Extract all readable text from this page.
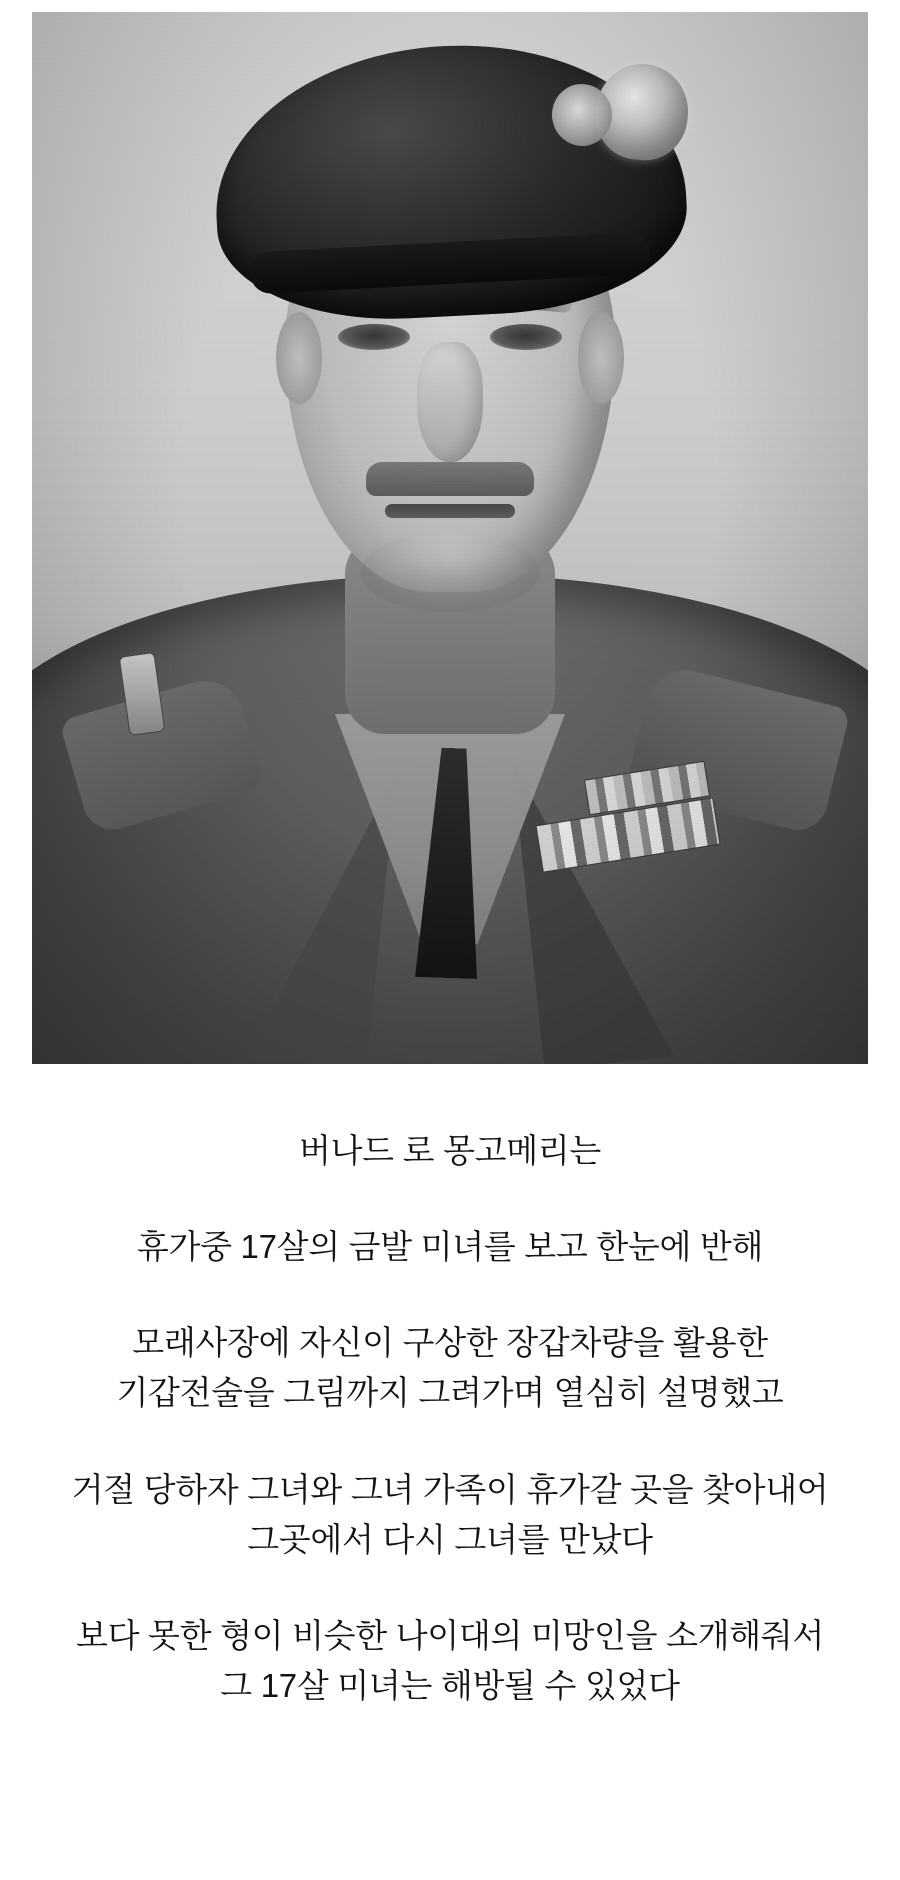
버나드 로 몽고메리는

휴가중 17살의 금발 미녀를 보고 한눈에 반해

모래사장에 자신이 구상한 장갑차량을 활용한 기갑전술을 그림까지 그려가며 열심히 설명했고

거절 당하자 그녀와 그녀 가족이 휴가갈 곳을 찾아내어 그곳에서 다시 그녀를 만났다

보다 못한 형이 비슷한 나이대의 미망인을 소개해줘서 그 17살 미녀는 해방될 수 있었다
